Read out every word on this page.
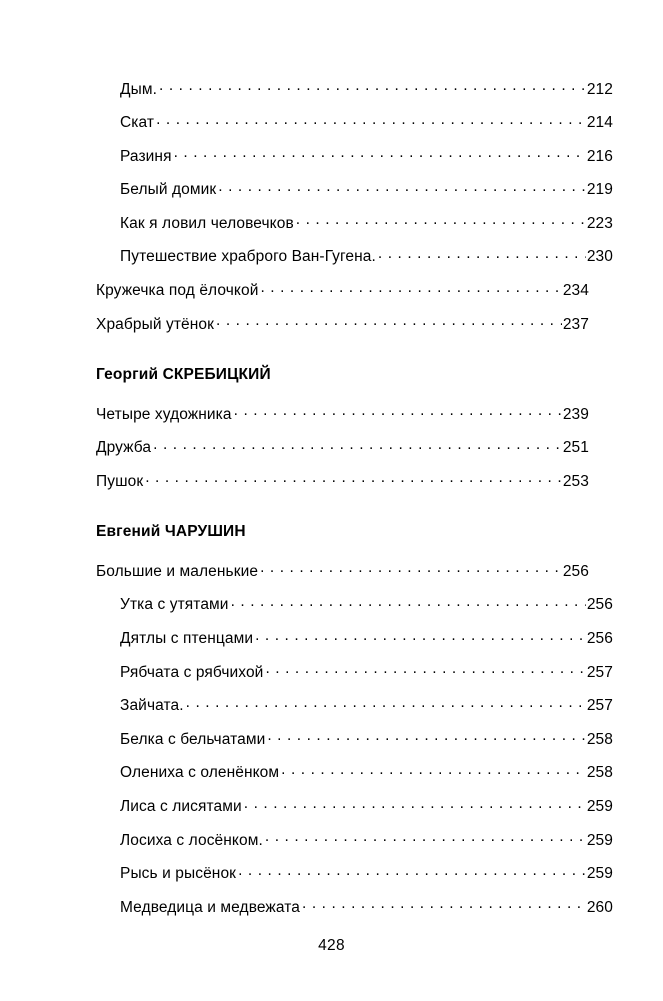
Дым. . . .	212
Скат . . .	214
Разиня . . .	216
Белый домик . . .	219
Как я ловил человечков . . .	223
Путешествие храброго Ван-Гугена. . . .	230
Кружечка под ёлочкой . . .	234
Храбрый утёнок . . .	237
Георгий СКРЕБИЦКИЙ
Четыре художника . . .	239
Дружба . . .	251
Пушок . . .	253
Евгений ЧАРУШИН
Большие и маленькие . . .	256
Утка с утятами . . .	256
Дятлы с птенцами . . .	256
Рябчата с рябчихой . . .	257
Зайчата. . . .	257
Белка с бельчатами . . .	258
Олениха с оленёнком . . .	258
Лиса с лисятами . . .	259
Лосиха с лосёнком. . . .	259
Рысь и рысёнок . . .	259
Медведица и медвежата . . .	260
428
